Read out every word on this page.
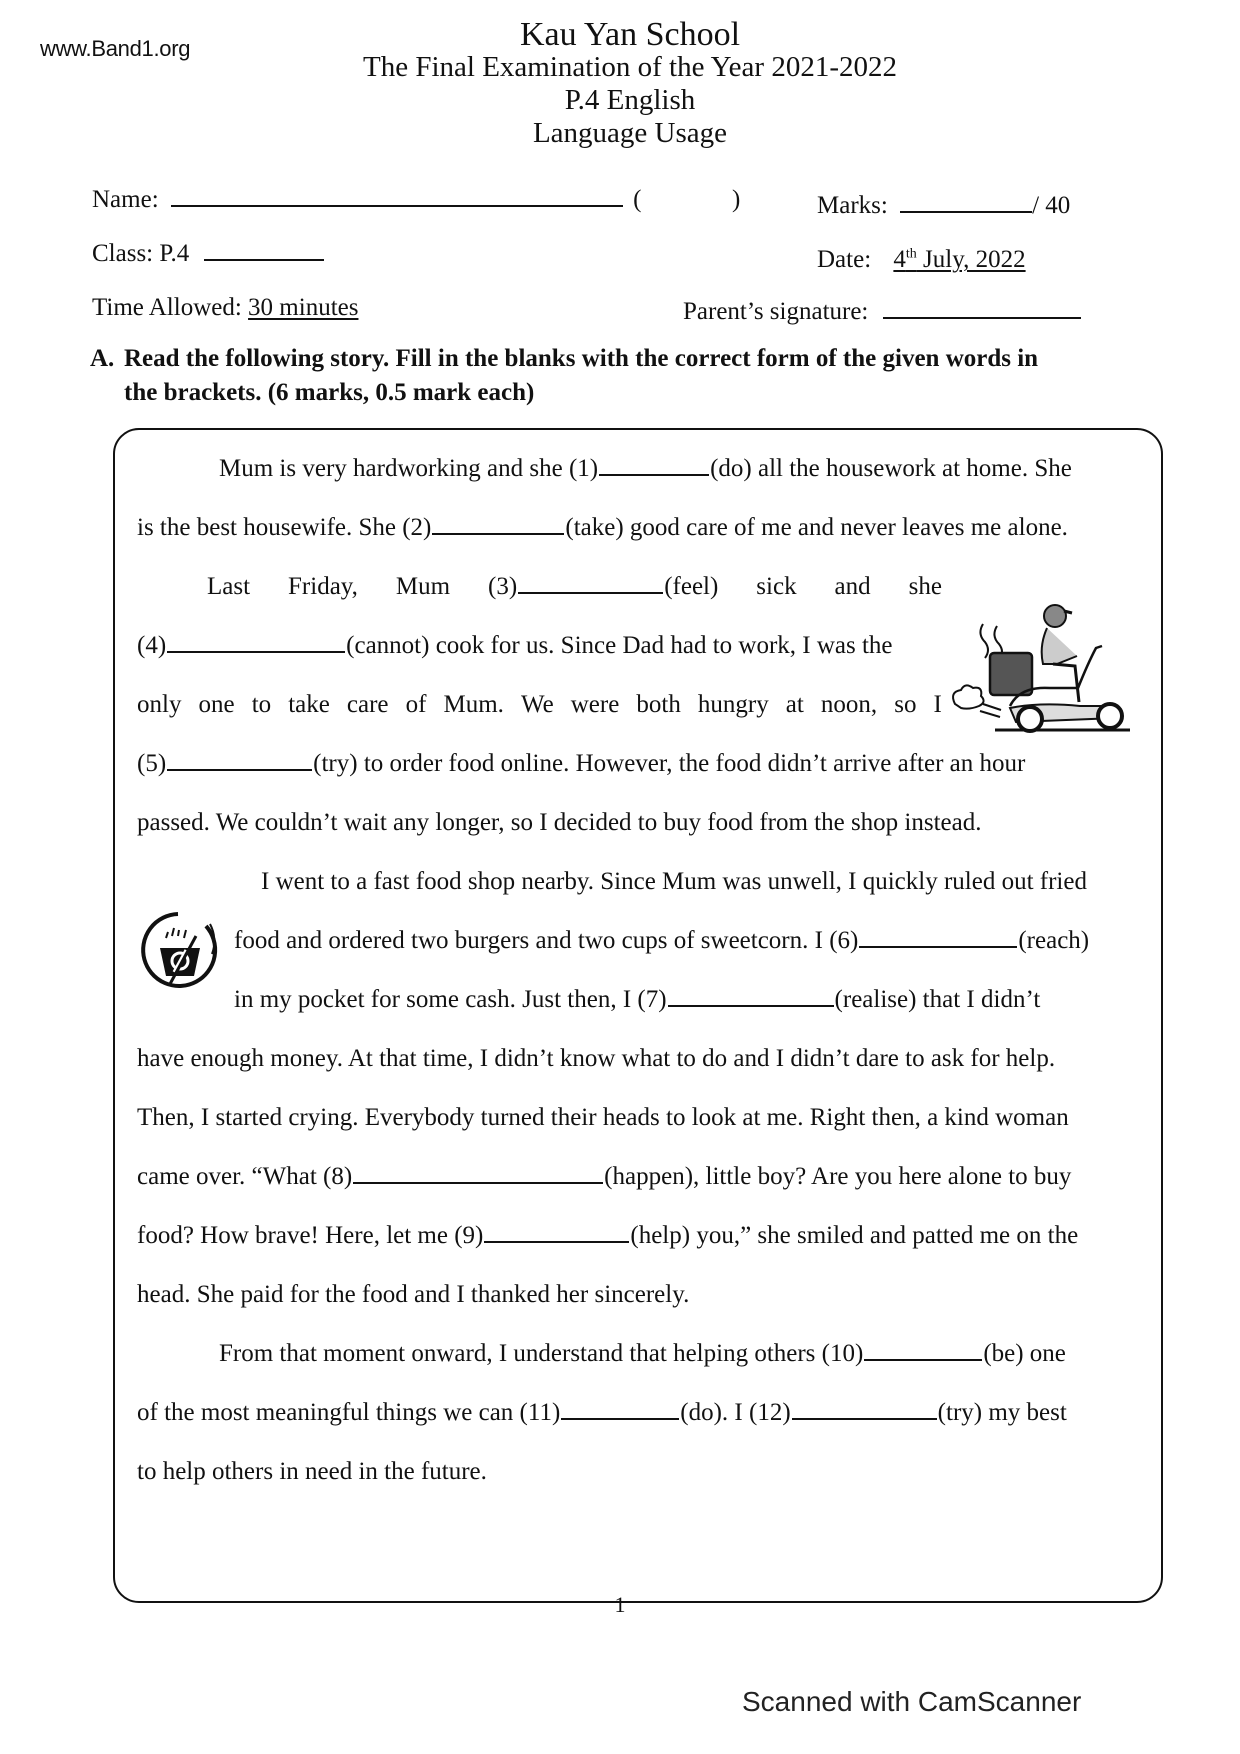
www.Band1.org	Kau Yan School
The Final Examination of the Year 2021-2022
P.4 English
Language Usage
Name:	(	)	Marks:	/ 40
Class: P.4	Date: 4th July, 2022
Time Allowed: 30 minutes	Parent’s signature:
A. Read the following story. Fill in the blanks with the correct form of the given words in
the brackets. (6 marks, 0.5 mark each)
Mum is very hardworking and she (1)	(do) all the housework at home. She
is the best housewife. She (2)	(take) good care of me and never leaves me alone.
Last Friday, Mum (3)	(feel) sick and she
(4)	(cannot) cook for us. Since Dad had to work, I was the
only one to take care of Mum. We were both hungry at noon, so I
(5)	(try) to order food online. However, the food didn’t arrive after an hour
passed. We couldn’t wait any longer, so I decided to buy food from the shop instead.
I went to a fast food shop nearby. Since Mum was unwell, I quickly ruled out fried
food and ordered two burgers and two cups of sweetcorn. I (6)	(reach)
in my pocket for some cash. Just then, I (7)	(realise) that I didn’t
have enough money. At that time, I didn’t know what to do and I didn’t dare to ask for help.
Then, I started crying. Everybody turned their heads to look at me. Right then, a kind woman
came over. “What (8)	(happen), little boy? Are you here alone to buy
food? How brave! Here, let me (9)	(help) you,” she smiled and patted me on the
head. She paid for the food and I thanked her sincerely.
From that moment onward, I understand that helping others (10)	(be) one
of the most meaningful things we can (11)	(do). I (12)	(try) my best
to help others in need in the future.
1
Scanned with CamScanner
